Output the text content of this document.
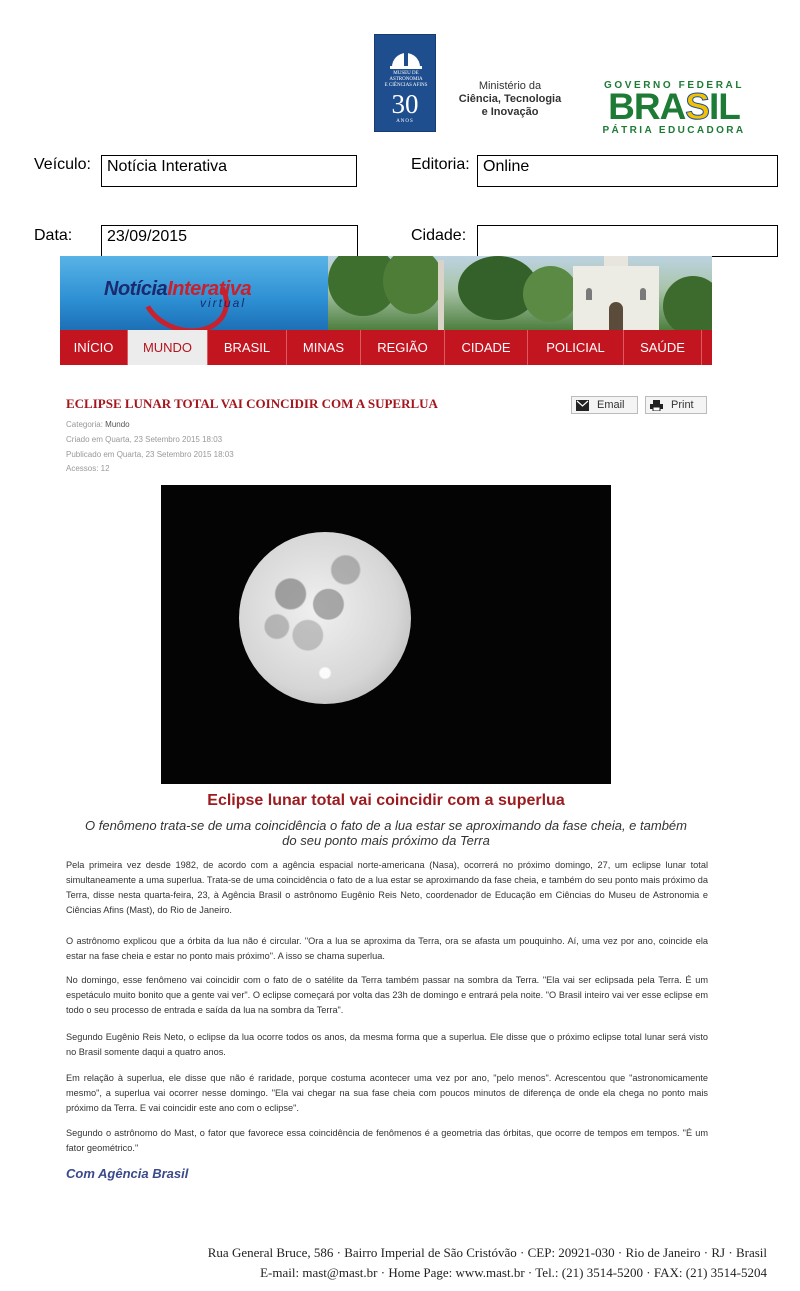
MUSEU DE
ASTRONOMIA
E CIÊNCIAS AFINS
30
ANOS
Ministério da
Ciência, Tecnologia
e Inovação
GOVERNO FEDERAL
BRASIL
PÁTRIA EDUCADORA
Veículo:	Notícia Interativa	Editoria: Online
Data:	23/09/2015	Cidade:
NotíciaInterativa
virtual
INÍCIO	MUNDO	BRASIL	MINAS	REGIÃO	CIDADE	POLICIAL	SAÚDE
ECLIPSE LUNAR TOTAL VAI COINCIDIR COM A SUPERLUA	Email	Print
Categoria: Mundo
Criado em Quarta, 23 Setembro 2015 18:03
Publicado em Quarta, 23 Setembro 2015 18:03
Acessos: 12
Eclipse lunar total vai coincidir com a superlua
O fenômeno trata-se de uma coincidência o fato de a lua estar se aproximando da fase cheia, e também do seu ponto mais próximo da Terra
Pela primeira vez desde 1982, de acordo com a agência espacial norte-americana (Nasa), ocorrerá no próximo domingo, 27, um eclipse lunar total simultaneamente a uma superlua. Trata-se de uma coincidência o fato de a lua estar se aproximando da fase cheia, e também do seu ponto mais próximo da Terra, disse nesta quarta-feira, 23, à Agência Brasil o astrônomo Eugênio Reis Neto, coordenador de Educação em Ciências do Museu de Astronomia e Ciências Afins (Mast), do Rio de Janeiro.
O astrônomo explicou que a órbita da lua não é circular. "Ora a lua se aproxima da Terra, ora se afasta um pouquinho. Aí, uma vez por ano, coincide ela estar na fase cheia e estar no ponto mais próximo". A isso se chama superlua.
No domingo, esse fenômeno vai coincidir com o fato de o satélite da Terra também passar na sombra da Terra. "Ela vai ser eclipsada pela Terra. É um espetáculo muito bonito que a gente vai ver". O eclipse começará por volta das 23h de domingo e entrará pela noite. "O Brasil inteiro vai ver esse eclipse em todo o seu processo de entrada e saída da lua na sombra da Terra".
Segundo Eugênio Reis Neto, o eclipse da lua ocorre todos os anos, da mesma forma que a superlua. Ele disse que o próximo eclipse total lunar será visto no Brasil somente daqui a quatro anos.
Em relação à superlua, ele disse que não é raridade, porque costuma acontecer uma vez por ano, "pelo menos". Acrescentou que "astronomicamente mesmo", a superlua vai ocorrer nesse domingo. "Ela vai chegar na sua fase cheia com poucos minutos de diferença de onde ela chega no ponto mais próximo da Terra. E vai coincidir este ano com o eclipse".
Segundo o astrônomo do Mast, o fator que favorece essa coincidência de fenômenos é a geometria das órbitas, que ocorre de tempos em tempos. "É um fator geométrico."
Com Agência Brasil
Rua General Bruce, 586 · Bairro Imperial de São Cristóvão · CEP: 20921-030 · Rio de Janeiro · RJ · Brasil
E-mail: mast@mast.br · Home Page: www.mast.br · Tel.: (21) 3514-5200 · FAX: (21) 3514-5204
